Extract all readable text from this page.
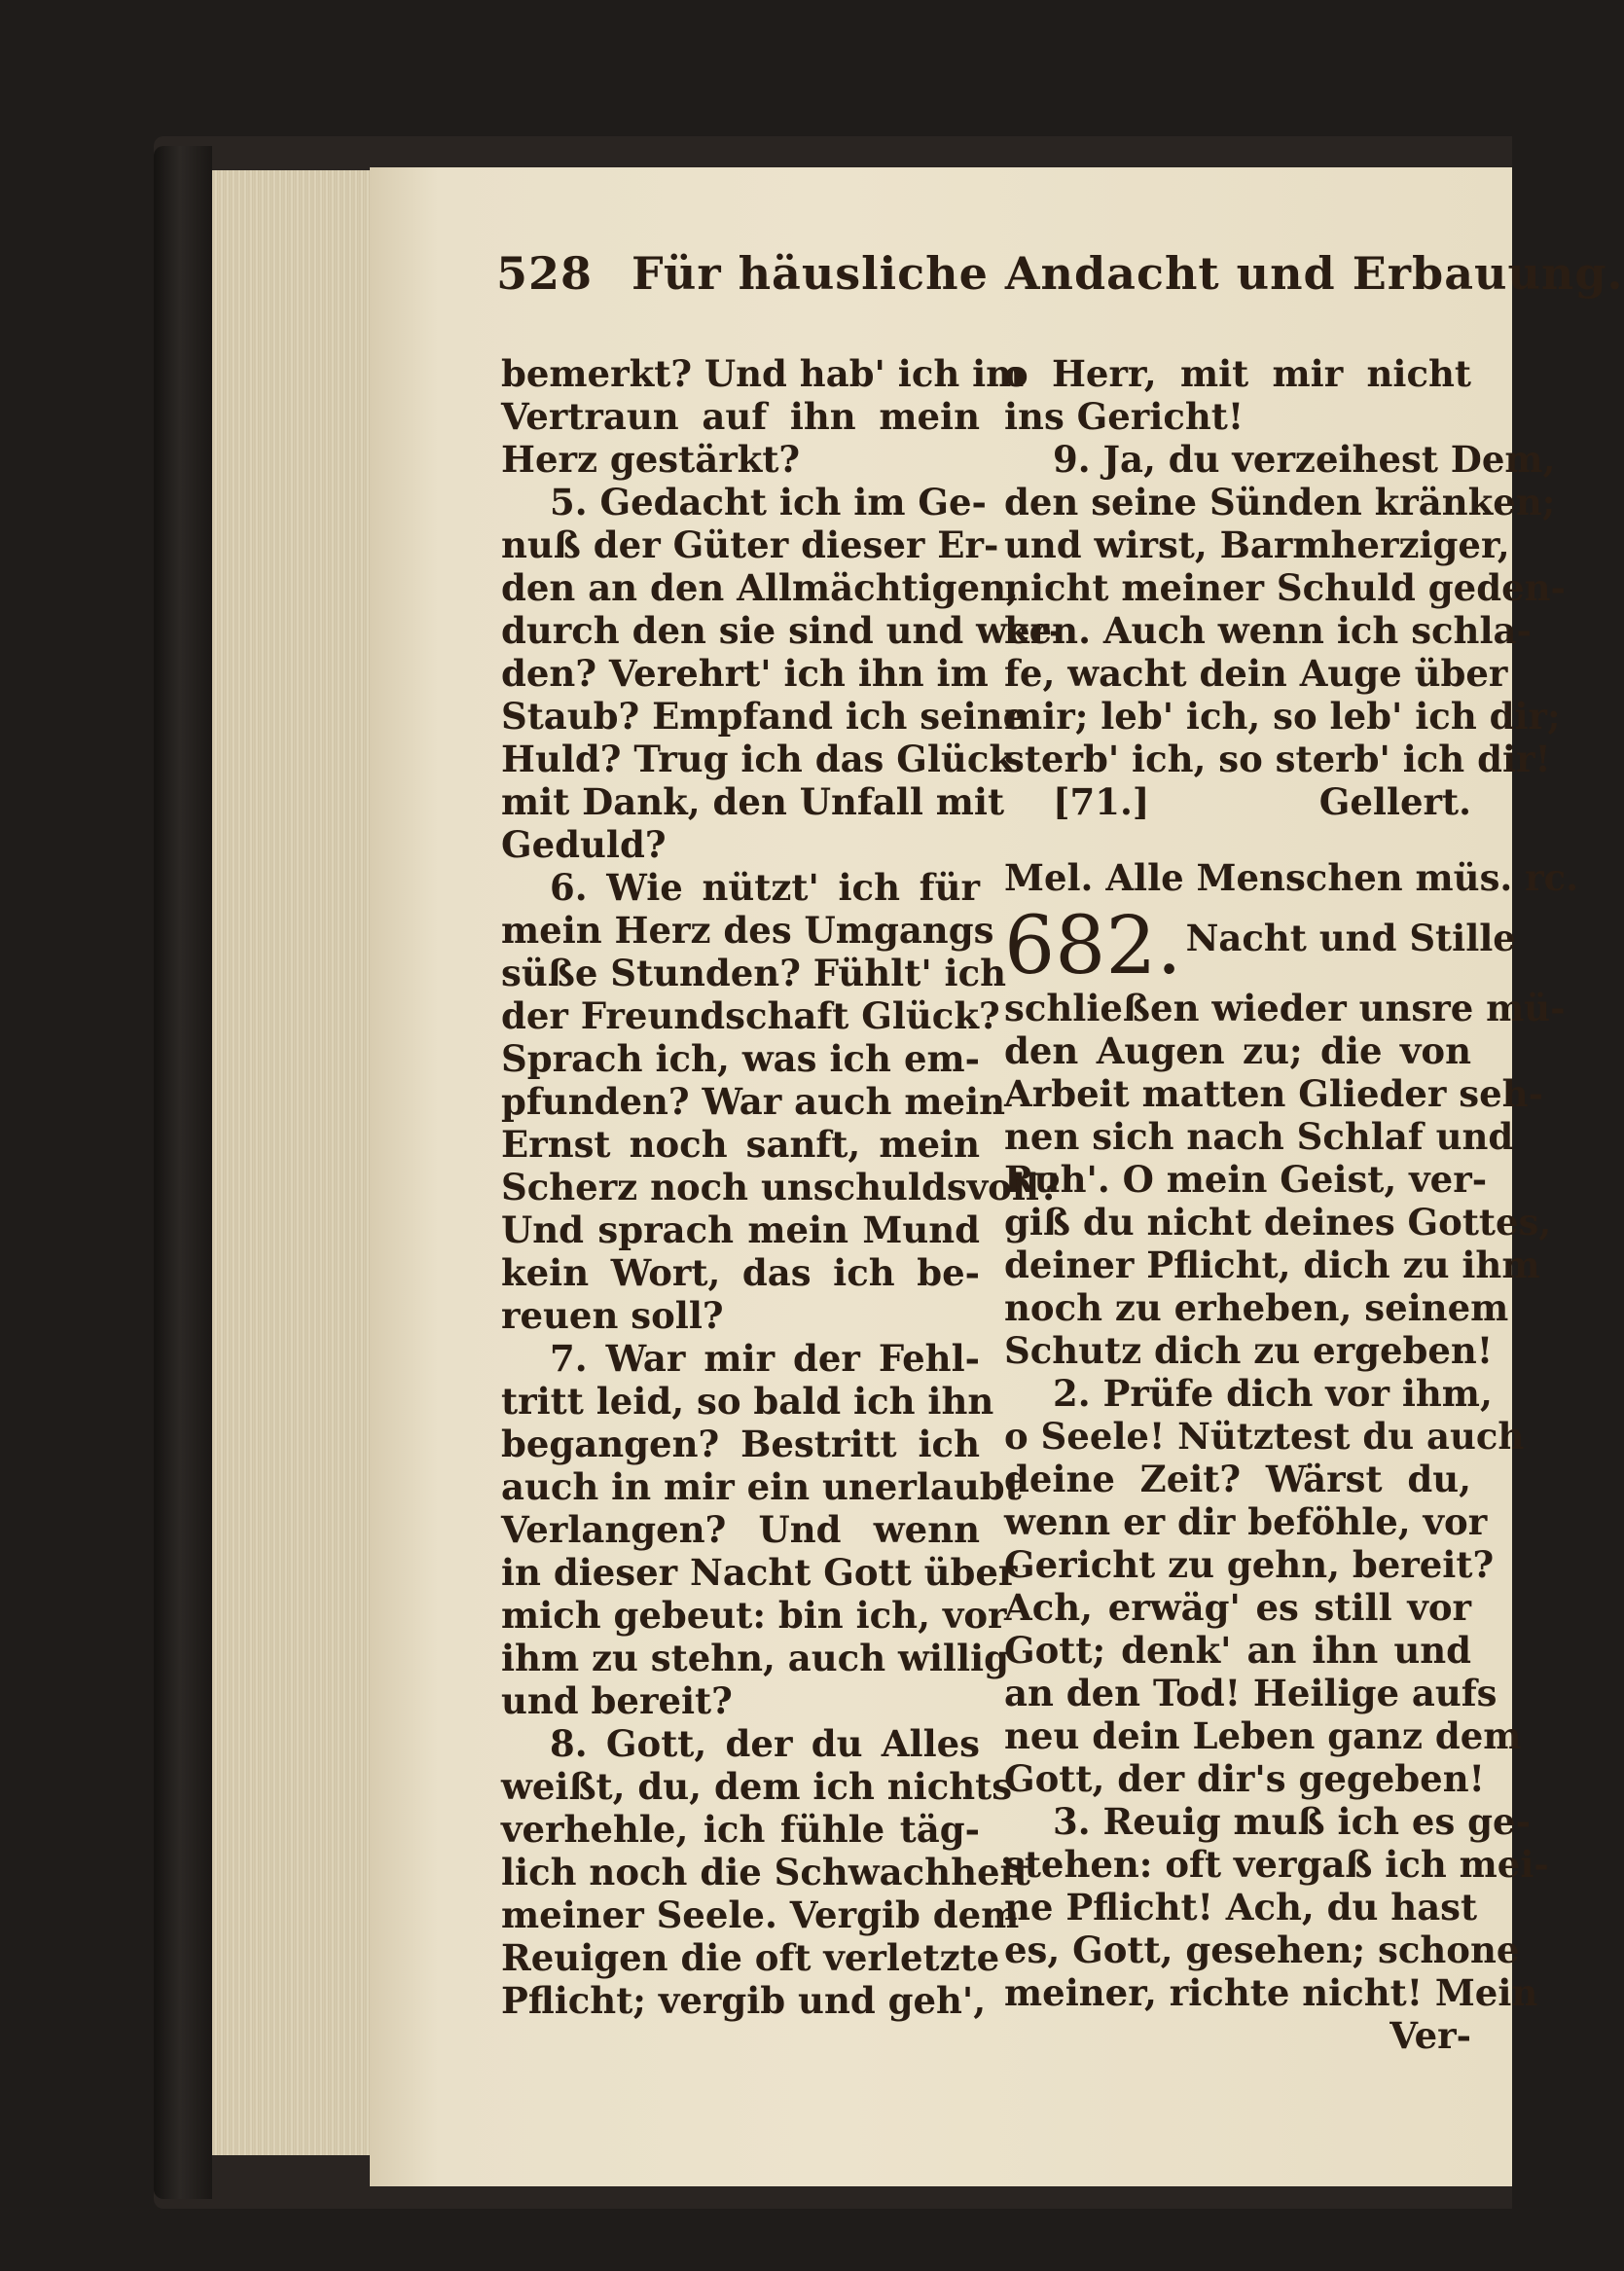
528 Für häusliche Andacht und Erbauung.
bemerkt? Und hab' ich im
Vertraun auf ihn mein
Herz gestärkt?
5. Gedacht ich im Ge-
nuß der Güter dieser Er-
den an den Allmächtigen,
durch den sie sind und wer-
den? Verehrt' ich ihn im
Staub? Empfand ich seine
Huld? Trug ich das Glück
mit Dank, den Unfall mit
Geduld?
6. Wie nützt' ich für
mein Herz des Umgangs
süße Stunden? Fühlt' ich
der Freundschaft Glück?
Sprach ich, was ich em-
pfunden? War auch mein
Ernst noch sanft, mein
Scherz noch unschuldsvoll?
Und sprach mein Mund
kein Wort, das ich be-
reuen soll?
7. War mir der Fehl-
tritt leid, so bald ich ihn
begangen? Bestritt ich
auch in mir ein unerlaubt
Verlangen? Und wenn
in dieser Nacht Gott über
mich gebeut: bin ich, vor
ihm zu stehn, auch willig
und bereit?
8. Gott, der du Alles
weißt, du, dem ich nichts
verhehle, ich fühle täg-
lich noch die Schwachheit
meiner Seele. Vergib dem
Reuigen die oft verletzte
Pflicht; vergib und geh',
o Herr, mit mir nicht
ins Gericht!
9. Ja, du verzeihest Dem,
den seine Sünden kränken;
und wirst, Barmherziger,
nicht meiner Schuld geden-
ken. Auch wenn ich schla-
fe, wacht dein Auge über
mir; leb' ich, so leb' ich dir;
sterb' ich, so sterb' ich dir!
[71.]	Gellert.
Mel. Alle Menschen müs. rc.
682. Nacht und Stille
schließen wieder unsre mü-
den Augen zu; die von
Arbeit matten Glieder seh-
nen sich nach Schlaf und
Ruh'. O mein Geist, ver-
giß du nicht deines Gottes,
deiner Pflicht, dich zu ihm
noch zu erheben, seinem
Schutz dich zu ergeben!
2. Prüfe dich vor ihm,
o Seele! Nütztest du auch
deine Zeit? Wärst du,
wenn er dir beföhle, vor
Gericht zu gehn, bereit?
Ach, erwäg' es still vor
Gott; denk' an ihn und
an den Tod! Heilige aufs
neu dein Leben ganz dem
Gott, der dir's gegeben!
3. Reuig muß ich es ge-
stehen: oft vergaß ich mei-
ne Pflicht! Ach, du hast
es, Gott, gesehen; schone
meiner, richte nicht! Mein
Ver-
